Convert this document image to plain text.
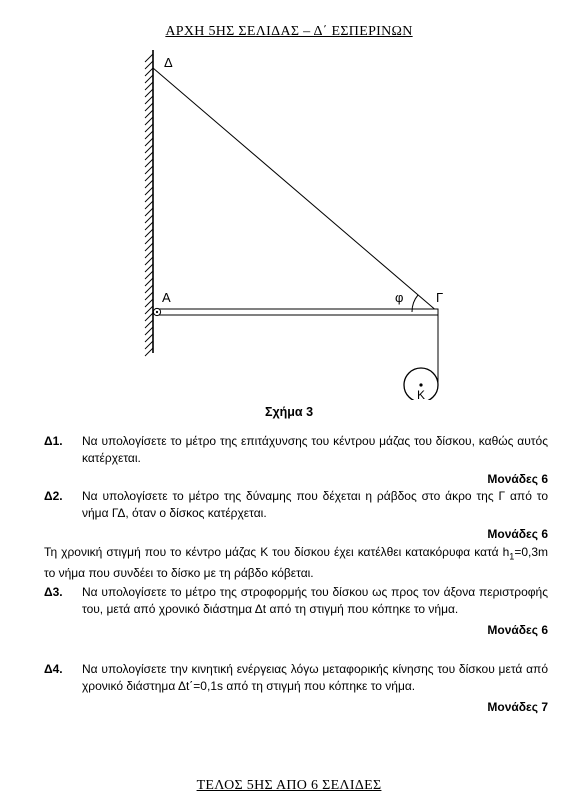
ΑΡΧΗ 5ΗΣ ΣΕΛΙΔΑΣ – Δ΄ ΕΣΠΕΡΙΝΩΝ
Δ
Α	Γ
φ
Κ
Σχήμα 3
Δ1. Να υπολογίσετε το μέτρο της επιτάχυνσης του κέντρου μάζας του δίσκου, καθώς αυτός κατέρχεται.
Μονάδες 6
Δ2. Να υπολογίσετε το μέτρο της δύναμης που δέχεται η ράβδος στο άκρο της Γ από το νήμα ΓΔ, όταν ο δίσκος κατέρχεται.
Μονάδες 6
Τη χρονική στιγμή που το κέντρο μάζας Κ του δίσκου έχει κατέλθει κατακόρυφα κατά $h_1=0,3m$ το νήμα που συνδέει το δίσκο με τη ράβδο κόβεται.
Δ3. Να υπολογίσετε το μέτρο της στροφορμής του δίσκου ως προς τον άξονα περιστροφής του, μετά από χρονικό διάστημα Δt από τη στιγμή που κόπηκε το νήμα.
Μονάδες 6
Δ4. Να υπολογίσετε την κινητική ενέργειας λόγω μεταφορικής κίνησης του δίσκου μετά από χρονικό διάστημα Δt΄=0,1s από τη στιγμή που κόπηκε το νήμα.
Μονάδες 7
ΤΕΛΟΣ 5ΗΣ ΑΠΟ 6 ΣΕΛΙΔΕΣ
